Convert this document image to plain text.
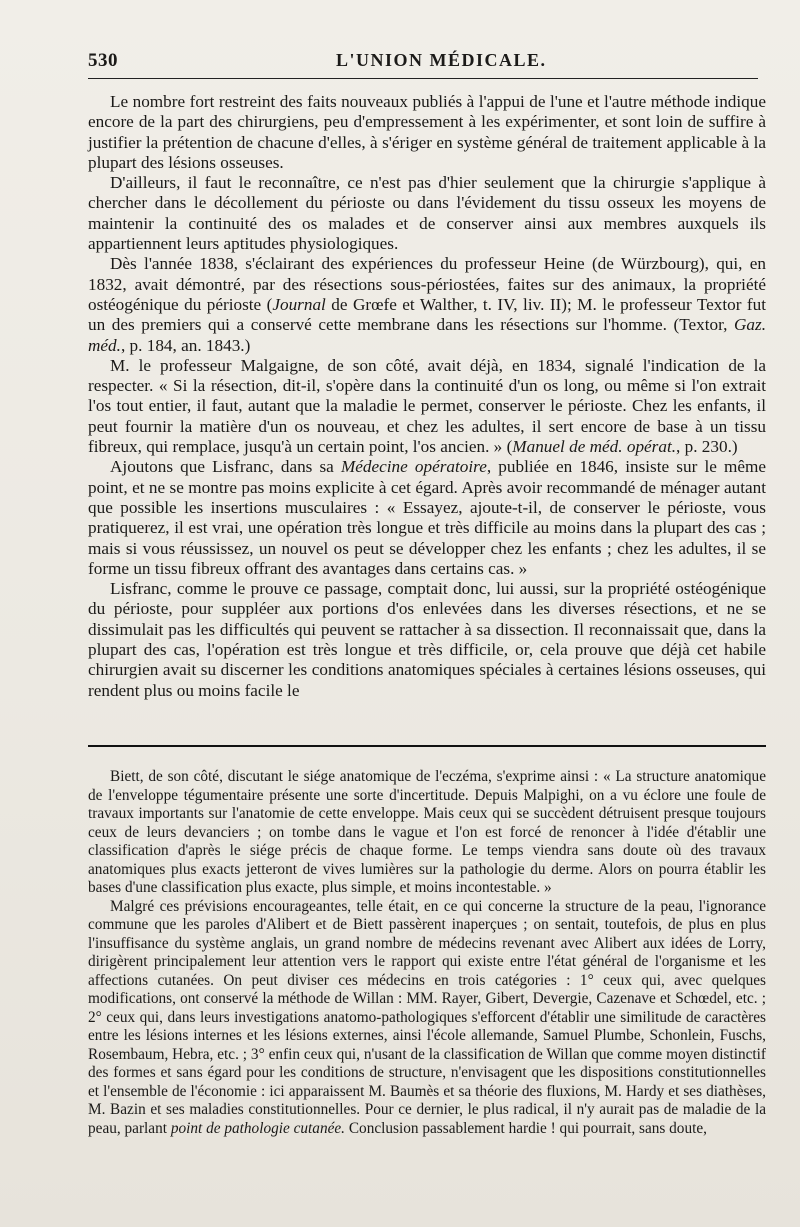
530	L'UNION MÉDICALE.

Le nombre fort restreint des faits nouveaux publiés à l'appui de l'une et l'autre méthode indique encore de la part des chirurgiens, peu d'empressement à les expérimenter, et sont loin de suffire à justifier la prétention de chacune d'elles, à s'ériger en système général de traitement applicable à la plupart des lésions osseuses.

D'ailleurs, il faut le reconnaître, ce n'est pas d'hier seulement que la chirurgie s'applique à chercher dans le décollement du périoste ou dans l'évidement du tissu osseux les moyens de maintenir la continuité des os malades et de conserver ainsi aux membres auxquels ils appartiennent leurs aptitudes physiologiques.

Dès l'année 1838, s'éclairant des expériences du professeur Heine (de Würzbourg), qui, en 1832, avait démontré, par des résections sous-périostées, faites sur des animaux, la propriété ostéogénique du périoste (Journal de Grœfe et Walther, t. IV, liv. II); M. le professeur Textor fut un des premiers qui a conservé cette membrane dans les résections sur l'homme. (Textor, Gaz. méd., p. 184, an. 1843.)

M. le professeur Malgaigne, de son côté, avait déjà, en 1834, signalé l'indication de la respecter. « Si la résection, dit-il, s'opère dans la continuité d'un os long, ou même si l'on extrait l'os tout entier, il faut, autant que la maladie le permet, conserver le périoste. Chez les enfants, il peut fournir la matière d'un os nouveau, et chez les adultes, il sert encore de base à un tissu fibreux, qui remplace, jusqu'à un certain point, l'os ancien. » (Manuel de méd. opérat., p. 230.)

Ajoutons que Lisfranc, dans sa Médecine opératoire, publiée en 1846, insiste sur le même point, et ne se montre pas moins explicite à cet égard. Après avoir recommandé de ménager autant que possible les insertions musculaires : « Essayez, ajoute-t-il, de conserver le périoste, vous pratiquerez, il est vrai, une opération très longue et très difficile au moins dans la plupart des cas ; mais si vous réussissez, un nouvel os peut se développer chez les enfants ; chez les adultes, il se forme un tissu fibreux offrant des avantages dans certains cas. »

Lisfranc, comme le prouve ce passage, comptait donc, lui aussi, sur la propriété ostéogénique du périoste, pour suppléer aux portions d'os enlevées dans les diverses résections, et ne se dissimulait pas les difficultés qui peuvent se rattacher à sa dissection. Il reconnaissait que, dans la plupart des cas, l'opération est très longue et très difficile, or, cela prouve que déjà cet habile chirurgien avait su discerner les conditions anatomiques spéciales à certaines lésions osseuses, qui rendent plus ou moins facile le

Biett, de son côté, discutant le siége anatomique de l'eczéma, s'exprime ainsi : « La structure anatomique de l'enveloppe tégumentaire présente une sorte d'incertitude. Depuis Malpighi, on a vu éclore une foule de travaux importants sur l'anatomie de cette enveloppe. Mais ceux qui se succèdent détruisent presque toujours ceux de leurs devanciers ; on tombe dans le vague et l'on est forcé de renoncer à l'idée d'établir une classification d'après le siége précis de chaque forme. Le temps viendra sans doute où des travaux anatomiques plus exacts jetteront de vives lumières sur la pathologie du derme. Alors on pourra établir les bases d'une classification plus exacte, plus simple, et moins incontestable. »

Malgré ces prévisions encourageantes, telle était, en ce qui concerne la structure de la peau, l'ignorance commune que les paroles d'Alibert et de Biett passèrent inaperçues ; on sentait, toutefois, de plus en plus l'insuffisance du système anglais, un grand nombre de médecins revenant avec Alibert aux idées de Lorry, dirigèrent principalement leur attention vers le rapport qui existe entre l'état général de l'organisme et les affections cutanées. On peut diviser ces médecins en trois catégories : 1° ceux qui, avec quelques modifications, ont conservé la méthode de Willan : MM. Rayer, Gibert, Devergie, Cazenave et Schœdel, etc. ; 2° ceux qui, dans leurs investigations anatomo-pathologiques s'efforcent d'établir une similitude de caractères entre les lésions internes et les lésions externes, ainsi l'école allemande, Samuel Plumbe, Schonlein, Fuschs, Rosembaum, Hebra, etc. ; 3° enfin ceux qui, n'usant de la classification de Willan que comme moyen distinctif des formes et sans égard pour les conditions de structure, n'envisagent que les dispositions constitutionnelles et l'ensemble de l'économie : ici apparaissent M. Baumès et sa théorie des fluxions, M. Hardy et ses diathèses, M. Bazin et ses maladies constitutionnelles. Pour ce dernier, le plus radical, il n'y aurait pas de maladie de la peau, parlant point de pathologie cutanée. Conclusion passablement hardie ! qui pourrait, sans doute,
